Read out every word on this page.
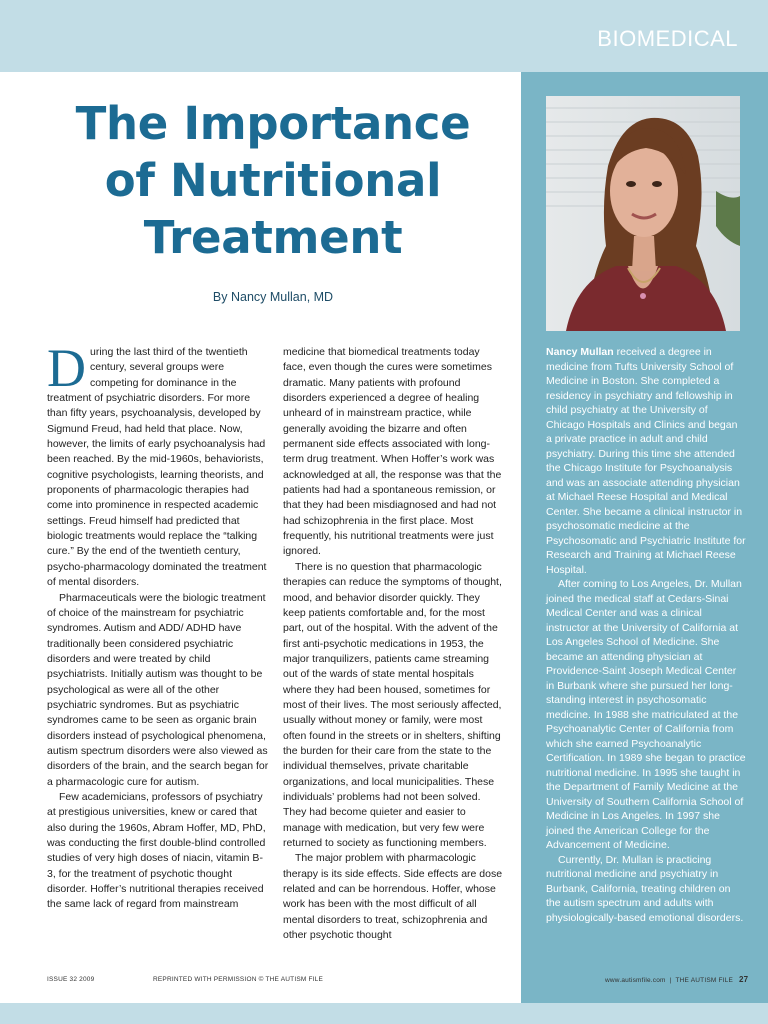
BIOMEDICAL
The Importance
of Nutritional
Treatment
By Nancy Mullan, MD

During the last third of the twentieth century, several groups were competing for dominance in the treatment of psychiatric disorders. For more than fifty years, psychoanalysis, developed by Sigmund Freud, had held that place. Now, however, the limits of early psychoanalysis had been reached. By the mid-1960s, behaviorists, cognitive psychologists, learning theorists, and proponents of pharmacologic therapies had come into prominence in respected academic settings. Freud himself had predicted that biologic treatments would replace the “talking cure.” By the end of the twentieth century, psycho-pharmacology dominated the treatment of mental disorders.

Pharmaceuticals were the biologic treatment of choice of the mainstream for psychiatric syndromes. Autism and ADD/ ADHD have traditionally been considered psychiatric disorders and were treated by child psychiatrists. Initially autism was thought to be psychological as were all of the other psychiatric syndromes. But as psychiatric syndromes came to be seen as organic brain disorders instead of psychological phenomena, autism spectrum disorders were also viewed as disorders of the brain, and the search began for a pharmacologic cure for autism.

Few academicians, professors of psychiatry at prestigious universities, knew or cared that also during the 1960s, Abram Hoffer, MD, PhD, was conducting the first double-blind controlled studies of very high doses of niacin, vitamin B-3, for the treatment of psychotic thought disorder. Hoffer’s nutritional therapies received the same lack of regard from mainstream

medicine that biomedical treatments today face, even though the cures were sometimes dramatic. Many patients with profound disorders experienced a degree of healing unheard of in mainstream practice, while generally avoiding the bizarre and often permanent side effects associated with long-term drug treatment. When Hoffer’s work was acknowledged at all, the response was that the patients had had a spontaneous remission, or that they had been misdiagnosed and had not had schizophrenia in the first place. Most frequently, his nutritional treatments were just ignored.

There is no question that pharmacologic therapies can reduce the symptoms of thought, mood, and behavior disorder quickly. They keep patients comfortable and, for the most part, out of the hospital. With the advent of the first anti-psychotic medications in 1953, the major tranquilizers, patients came streaming out of the wards of state mental hospitals where they had been housed, sometimes for most of their lives. The most seriously affected, usually without money or family, were most often found in the streets or in shelters, shifting the burden for their care from the state to the individual themselves, private charitable organizations, and local municipalities. These individuals’ problems had not been solved. They had become quieter and easier to manage with medication, but very few were returned to society as functioning members.

The major problem with pharmacologic therapy is its side effects. Side effects are dose related and can be horrendous. Hoffer, whose work has been with the most difficult of all mental disorders to treat, schizophrenia and other psychotic thought

Nancy Mullan received a degree in medicine from Tufts University School of Medicine in Boston. She completed a residency in psychiatry and fellowship in child psychiatry at the University of Chicago Hospitals and Clinics and began a private practice in adult and child psychiatry. During this time she attended the Chicago Institute for Psychoanalysis and was an associate attending physician at Michael Reese Hospital and Medical Center. She became a clinical instructor in psychosomatic medicine at the Psychosomatic and Psychiatric Institute for Research and Training at Michael Reese Hospital.

After coming to Los Angeles, Dr. Mullan joined the medical staff at Cedars-Sinai Medical Center and was a clinical instructor at the University of California at Los Angeles School of Medicine. She became an attending physician at Providence-Saint Joseph Medical Center in Burbank where she pursued her long-standing interest in psychosomatic medicine. In 1988 she matriculated at the Psychoanalytic Center of California from which she earned Psychoanalytic Certification. In 1989 she began to practice nutritional medicine. In 1995 she taught in the Department of Family Medicine at the University of Southern California School of Medicine in Los Angeles. In 1997 she joined the American College for the Advancement of Medicine.

Currently, Dr. Mullan is practicing nutritional medicine and psychiatry in Burbank, California, treating children on the autism spectrum and adults with physiologically-based emotional disorders.

ISSUE 32 2009	REPRINTED WITH PERMISSION © THE AUTISM FILE	www.autismfile.com | THE AUTISM FILE 27
